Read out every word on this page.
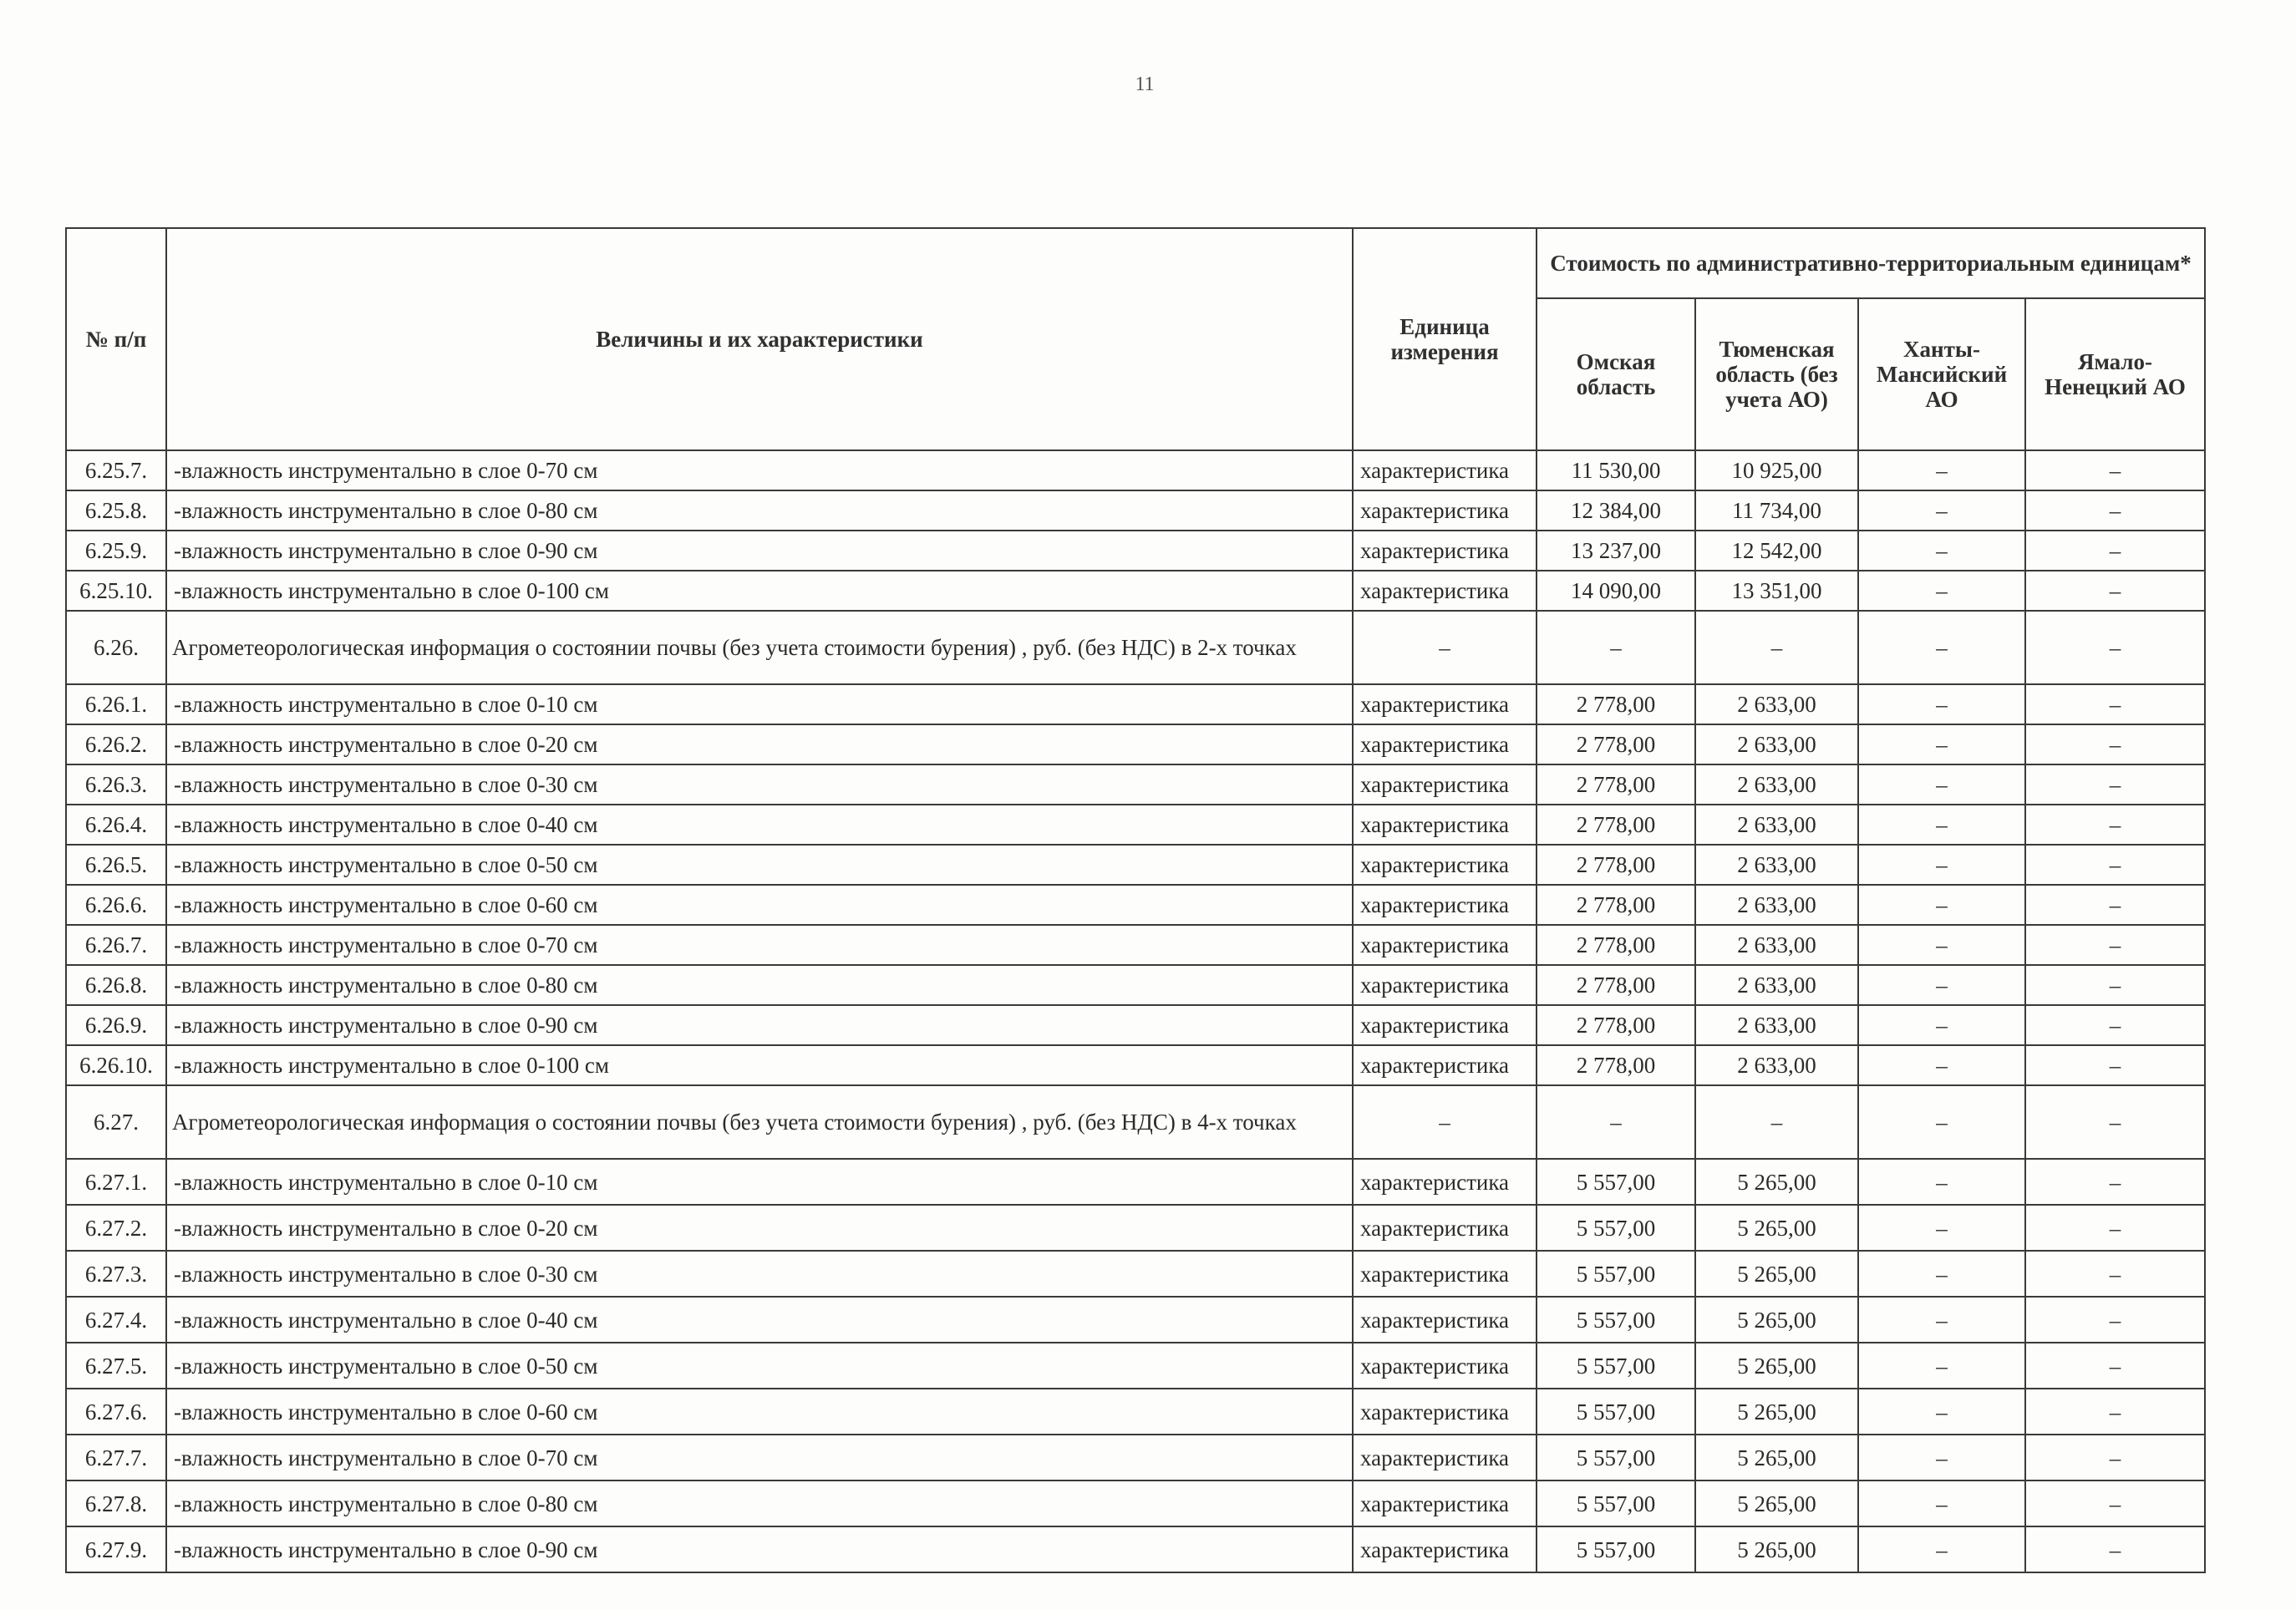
11
№ п/п	Величины и их характеристики	Единица измерения	Стоимость по административно-территориальным единицам*			
			Омская область	Тюменская область (без учета АО)	Ханты-Мансийский АО	Ямало-Ненецкий АО
6.25.7.	-влажность инструментально в слое 0-70 см	характеристика	11 530,00	10 925,00	–	–
6.25.8.	-влажность инструментально в слое 0-80 см	характеристика	12 384,00	11 734,00	–	–
6.25.9.	-влажность инструментально в слое 0-90 см	характеристика	13 237,00	12 542,00	–	–
6.25.10.	-влажность инструментально в слое 0-100 см	характеристика	14 090,00	13 351,00	–	–
6.26.	Агрометеорологическая информация о состоянии почвы (без учета стоимости бурения) , руб. (без НДС) в 2-х точках	–	–	–	–	–
6.26.1.	-влажность инструментально в слое 0-10 см	характеристика	2 778,00	2 633,00	–	–
6.26.2.	-влажность инструментально в слое 0-20 см	характеристика	2 778,00	2 633,00	–	–
6.26.3.	-влажность инструментально в слое 0-30 см	характеристика	2 778,00	2 633,00	–	–
6.26.4.	-влажность инструментально в слое 0-40 см	характеристика	2 778,00	2 633,00	–	–
6.26.5.	-влажность инструментально в слое 0-50 см	характеристика	2 778,00	2 633,00	–	–
6.26.6.	-влажность инструментально в слое 0-60 см	характеристика	2 778,00	2 633,00	–	–
6.26.7.	-влажность инструментально в слое 0-70 см	характеристика	2 778,00	2 633,00	–	–
6.26.8.	-влажность инструментально в слое 0-80 см	характеристика	2 778,00	2 633,00	–	–
6.26.9.	-влажность инструментально в слое 0-90 см	характеристика	2 778,00	2 633,00	–	–
6.26.10.	-влажность инструментально в слое 0-100 см	характеристика	2 778,00	2 633,00	–	–
6.27.	Агрометеорологическая информация о состоянии почвы (без учета стоимости бурения) , руб. (без НДС) в 4-х точках	–	–	–	–	–
6.27.1.	-влажность инструментально в слое 0-10 см	характеристика	5 557,00	5 265,00	–	–
6.27.2.	-влажность инструментально в слое 0-20 см	характеристика	5 557,00	5 265,00	–	–
6.27.3.	-влажность инструментально в слое 0-30 см	характеристика	5 557,00	5 265,00	–	–
6.27.4.	-влажность инструментально в слое 0-40 см	характеристика	5 557,00	5 265,00	–	–
6.27.5.	-влажность инструментально в слое 0-50 см	характеристика	5 557,00	5 265,00	–	–
6.27.6.	-влажность инструментально в слое 0-60 см	характеристика	5 557,00	5 265,00	–	–
6.27.7.	-влажность инструментально в слое 0-70 см	характеристика	5 557,00	5 265,00	–	–
6.27.8.	-влажность инструментально в слое 0-80 см	характеристика	5 557,00	5 265,00	–	–
6.27.9.	-влажность инструментально в слое 0-90 см	характеристика	5 557,00	5 265,00	–	–
